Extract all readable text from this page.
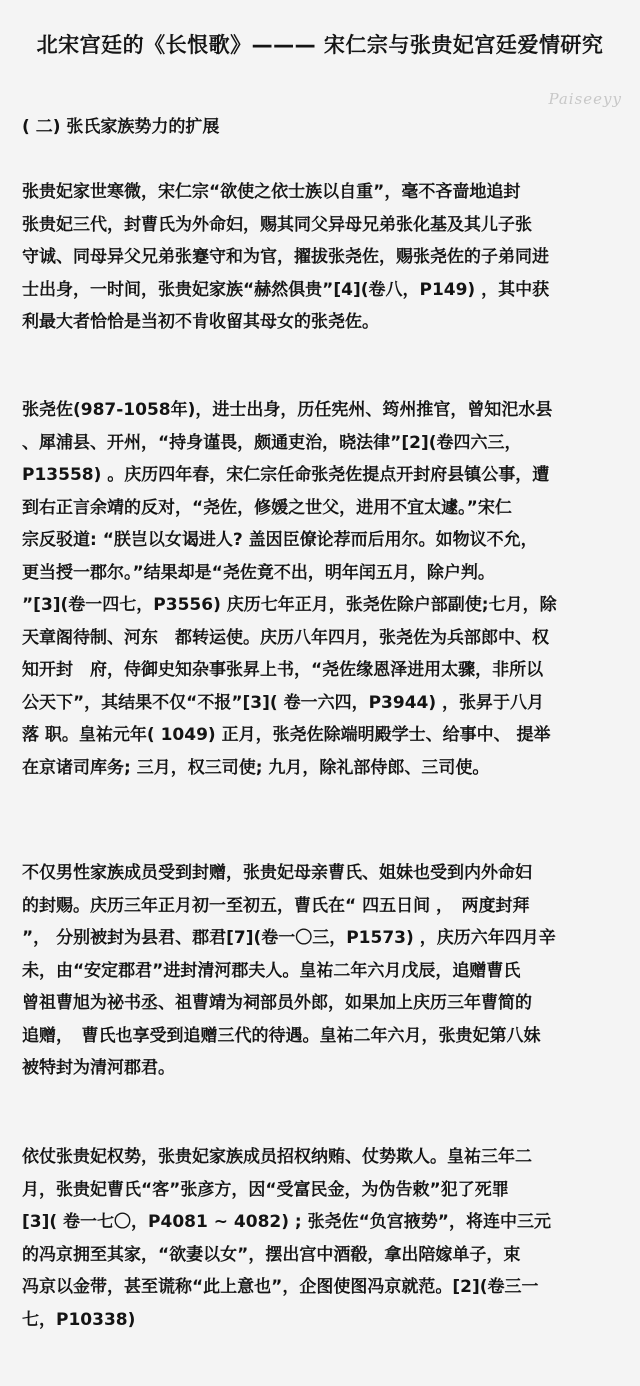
北宋宫廷的《长恨歌》——— 宋仁宗与张贵妃宫廷爱情研究
Paiseeyy
( 二) 张氏家族势力的扩展
张贵妃家世寒微，宋仁宗“欲使之依士族以自重”，毫不吝啬地追封
张贵妃三代，封曹氏为外命妇，赐其同父异母兄弟张化基及其儿子张
守诚、同母异父兄弟张蹇守和为官，擢拔张尧佐，赐张尧佐的子弟同进
士出身，一时间，张贵妃家族“赫然俱贵”[4](卷八，P149) ，其中获
利最大者恰恰是当初不肯收留其母女的张尧佐。
张尧佐(987-1058年)，进士出身，历任宪州、筠州推官，曾知汜水县
、犀浦县、开州，“持身谨畏，颇通吏治，晓法律”[2](卷四六三，
P13558) 。庆历四年春，宋仁宗任命张尧佐提点开封府县镇公事，遭
到右正言余靖的反对，“尧佐，修媛之世父，进用不宜太遽。”宋仁
宗反驳道: “朕岂以女谒进人? 盖因臣僚论荐而后用尔。如物议不允，
更当授一郡尔。”结果却是“尧佐竟不出，明年闰五月，除户判。
”[3](卷一四七，P3556) 庆历七年正月，张尧佐除户部副使;七月，除
天章阁待制、河东　都转运使。庆历八年四月，张尧佐为兵部郎中、权
知开封　府，侍御史知杂事张昇上书，“尧佐缘恩泽进用太骤，非所以
公天下”，其结果不仅“不报”[3]( 卷一六四，P3944) ，张昇于八月
落 职。皇祐元年( 1049) 正月，张尧佐除端明殿学士、给事中、 提举
在京诸司库务; 三月，权三司使; 九月，除礼部侍郎、三司使。
不仅男性家族成员受到封赠，张贵妃母亲曹氏、姐妹也受到内外命妇
的封赐。庆历三年正月初一至初五，曹氏在“ 四五日间 ，　两度封拜
”， 分别被封为县君、郡君[7](卷一〇三，P1573) ，庆历六年四月辛
未，由“安定郡君”进封清河郡夫人。皇祐二年六月戊辰，追赠曹氏
曾祖曹旭为祕书丞、祖曹靖为祠部员外郎，如果加上庆历三年曹简的
追赠，　曹氏也享受到追赠三代的待遇。皇祐二年六月，张贵妃第八妹
被特封为清河郡君。
依仗张贵妃权势，张贵妃家族成员招权纳贿、仗势欺人。皇祐三年二
月，张贵妃曹氏“客”张彦方，因“受富民金，为伪告敕”犯了死罪
[3]( 卷一七〇，P4081 ~ 4082) ; 张尧佐“负宫掖势”，将连中三元
的冯京拥至其家，“欲妻以女”，摆出宫中酒殽，拿出陪嫁单子，束
冯京以金带，甚至谎称“此上意也”，企图使图冯京就范。[2](卷三一
七，P10338)
